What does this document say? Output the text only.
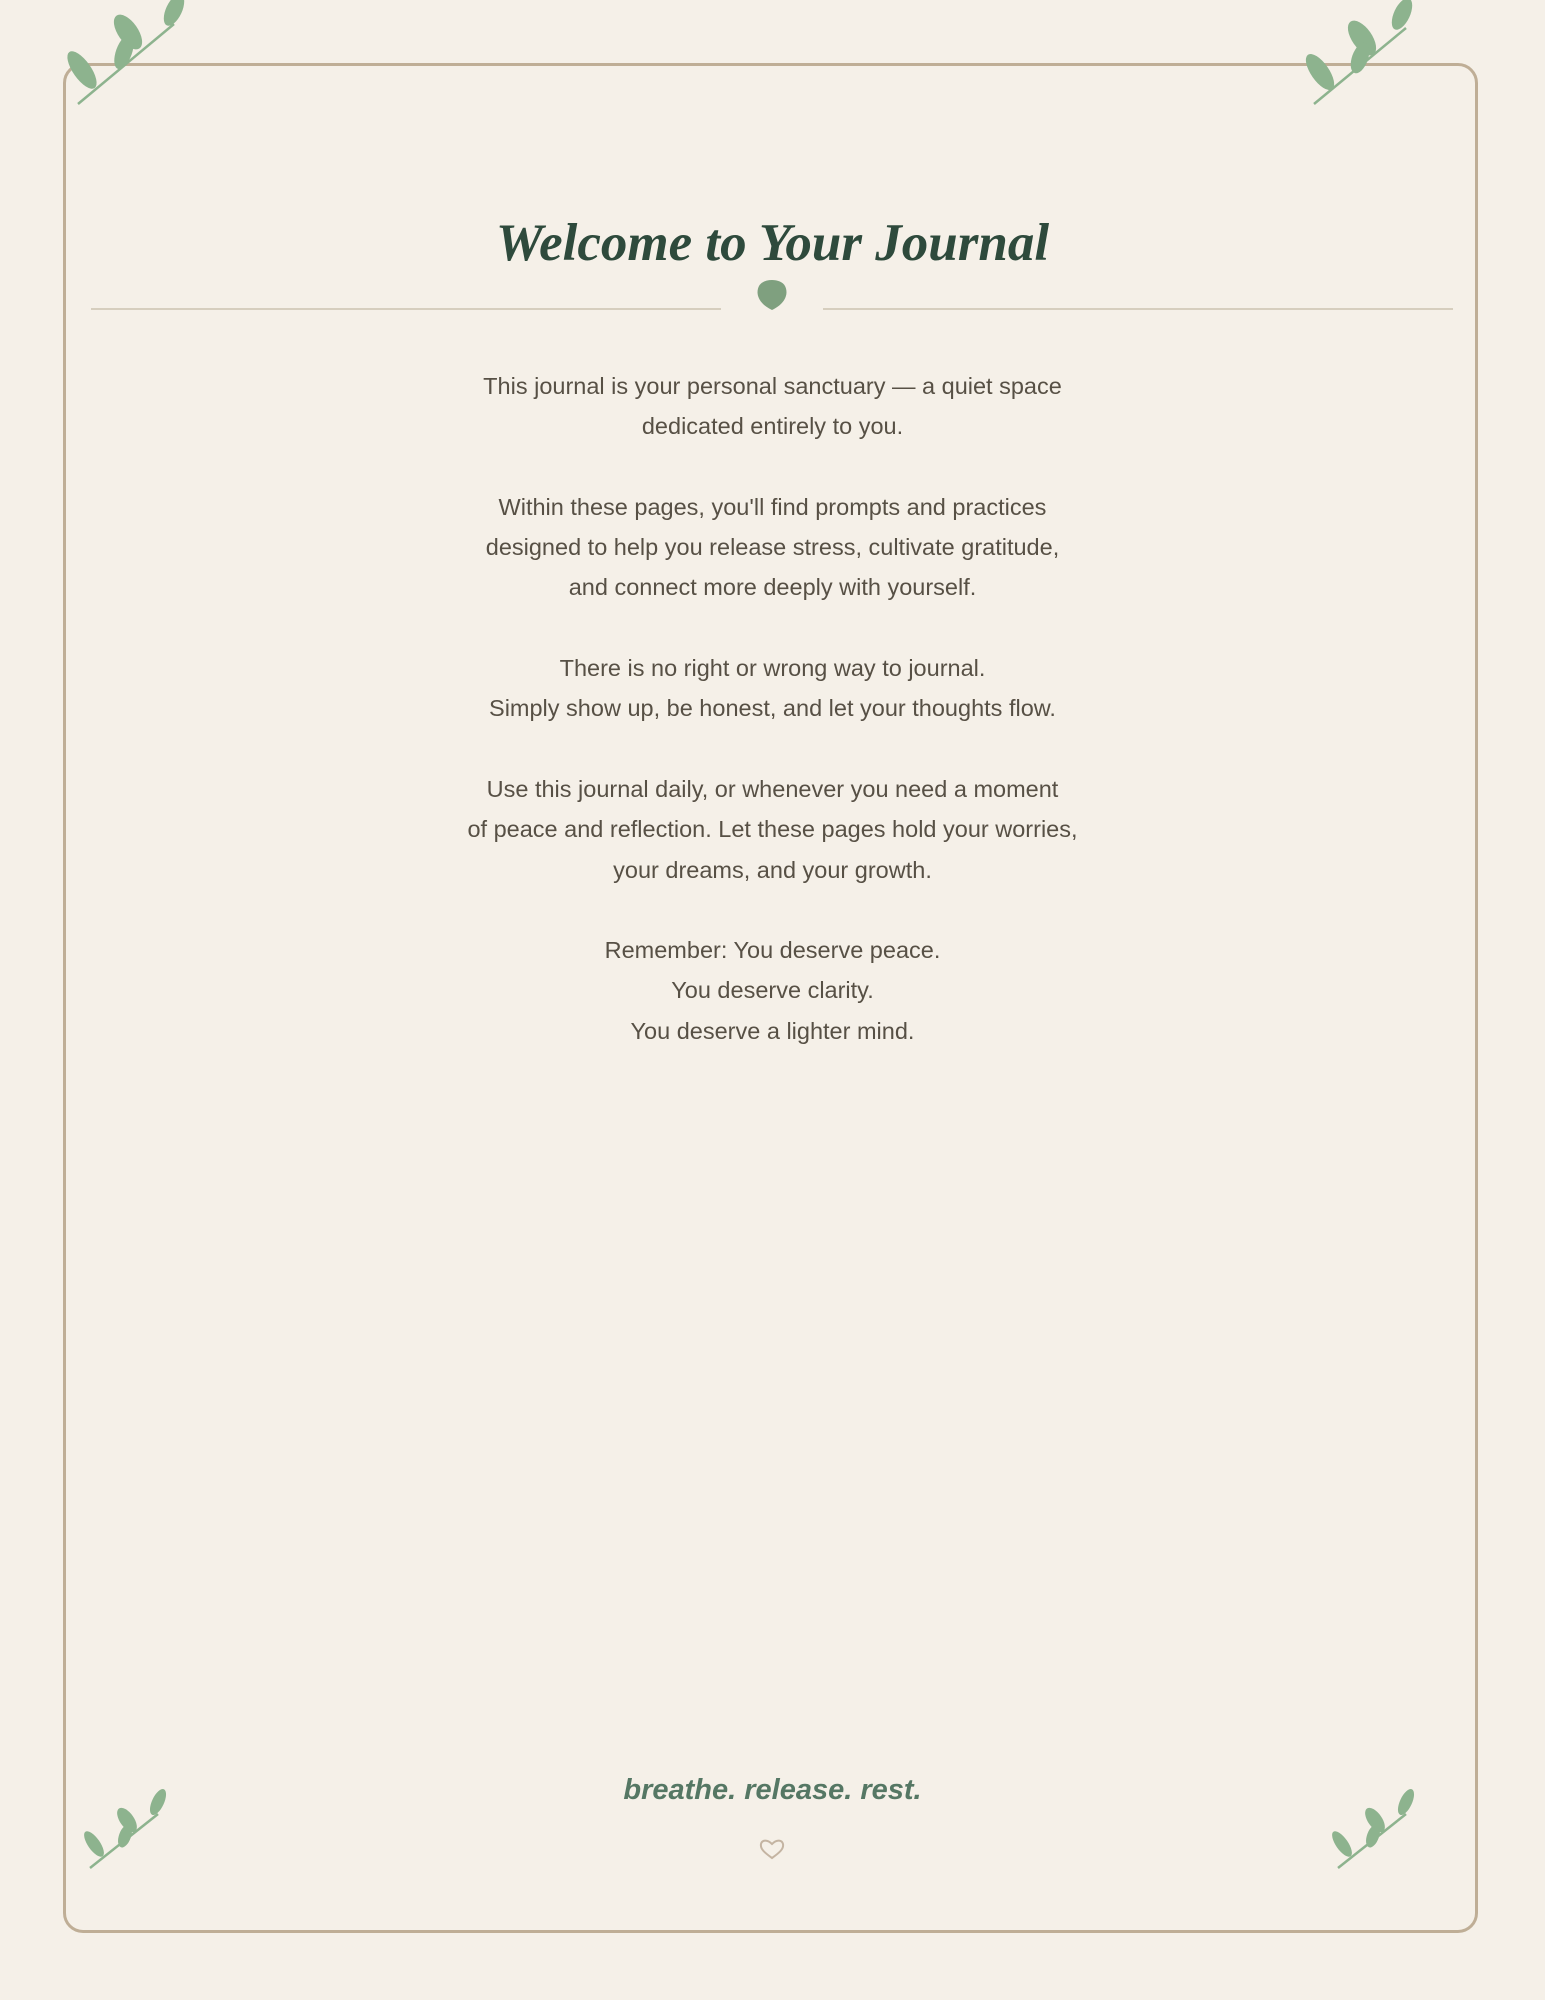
Welcome to Your Journal

This journal is your personal sanctuary — a quiet space
dedicated entirely to you.

Within these pages, you'll find prompts and practices
designed to help you release stress, cultivate gratitude,
and connect more deeply with yourself.

There is no right or wrong way to journal.
Simply show up, be honest, and let your thoughts flow.

Use this journal daily, or whenever you need a moment
of peace and reflection. Let these pages hold your worries,
your dreams, and your growth.

Remember: You deserve peace.
You deserve clarity.
You deserve a lighter mind.

breathe. release. rest.
